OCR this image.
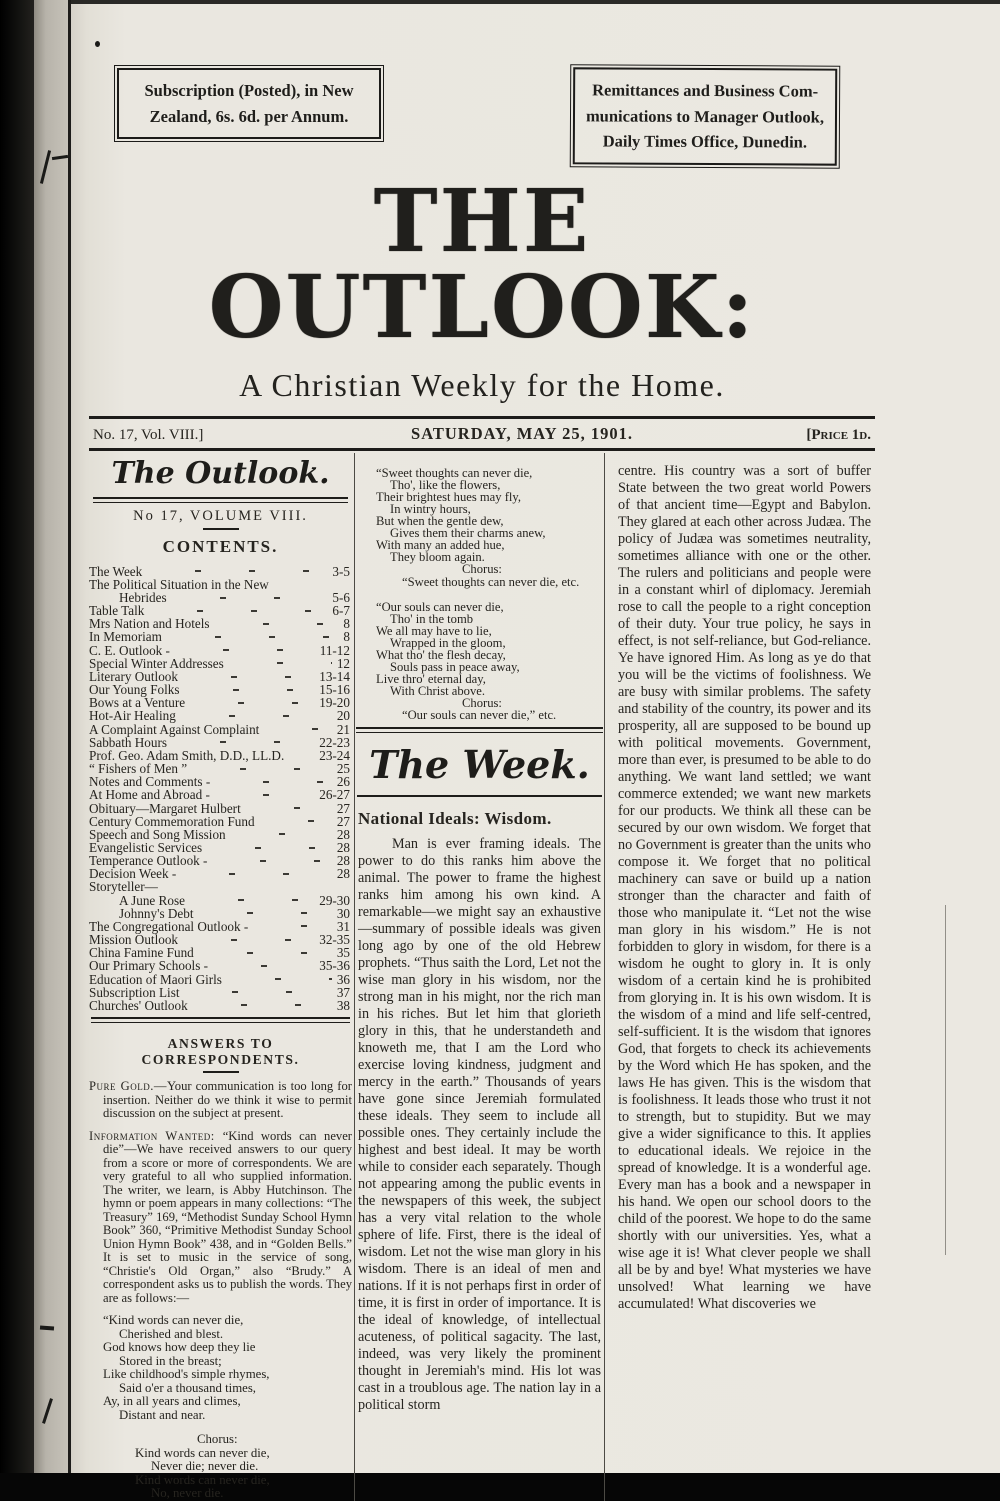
Subscription (Posted), in New
Zealand, 6s. 6d. per Annum.
Remittances and Business Com-
munications to Manager Outlook,
Daily Times Office, Dunedin.
THE OUTLOOK:
A Christian Weekly for the Home.
No. 17, Vol. VIII.]	SATURDAY, MAY 25, 1901.	[Price 1d.
The Outlook.
No 17, VOLUME VIII.
CONTENTS.
The Week	3-5
The Political Situation in the New
Hebrides	5-6
Table Talk	6-7
Mrs Nation and Hotels	8
In Memoriam	8
C. E. Outlook -	11-12
Special Winter Addresses	12
Literary Outlook	13-14
Our Young Folks	15-16
Bows at a Venture	19-20
Hot-Air Healing	20
A Complaint Against Complaint	21
Sabbath Hours	22-23
Prof. Geo. Adam Smith, D.D., LL.D.	23-24
“ Fishers of Men ”	25
Notes and Comments -	26
At Home and Abroad -	26-27
Obituary—Margaret Hulbert	27
Century Commemoration Fund	27
Speech and Song Mission	28
Evangelistic Services	28
Temperance Outlook -	28
Decision Week -	28
Storyteller—
A June Rose	29-30
Johnny's Debt	30
The Congregational Outlook -	31
Mission Outlook	32-35
China Famine Fund	35
Our Primary Schools -	35-36
Education of Maori Girls	36
Subscription List	37
Churches' Outlook	38
ANSWERS TO CORRESPONDENTS.

Pure Gold.—Your communication is too long for insertion. Neither do we think it wise to permit discussion on the subject at present.

Information Wanted: “Kind words can never die”—We have received answers to our query from a score or more of correspondents. We are very grateful to all who supplied information. The writer, we learn, is Abby Hutchinson. The hymn or poem appears in many collections: “The Treasury” 169, “Methodist Sunday School Hymn Book” 360, “Primitive Methodist Sunday School Union Hymn Book” 438, and in “Golden Bells.” It is set to music in the service of song, “Christie's Old Organ,” also “Brudy.” A correspondent asks us to publish the words. They are as follows:—

“Kind words can never die,
Cherished and blest.
God knows how deep they lie
Stored in the breast;
Like childhood's simple rhymes,
Said o'er a thousand times,
Ay, in all years and climes,
Distant and near.
Chorus:
Kind words can never die,
Never die; never die.
Kind words can never die,
No, never die.
“Sweet thoughts can never die,
Tho', like the flowers,
Their brightest hues may fly,
In wintry hours,
But when the gentle dew,
Gives them their charms anew,
With many an added hue,
They bloom again.
Chorus:
“Sweet thoughts can never die, etc.
“Our souls can never die,
Tho' in the tomb
We all may have to lie,
Wrapped in the gloom,
What tho' the flesh decay,
Souls pass in peace away,
Live thro' eternal day,
With Christ above.
Chorus:
“Our souls can never die,” etc.
The Week.
National Ideals: Wisdom.
Man is ever framing ideals. The power to do this ranks him above the animal. The power to frame the highest ranks him among his own kind. A remarkable—we might say an exhaustive—summary of possible ideals was given long ago by one of the old Hebrew prophets. “Thus saith the Lord, Let not the wise man glory in his wisdom, nor the strong man in his might, nor the rich man in his riches. But let him that glorieth glory in this, that he understandeth and knoweth me, that I am the Lord who exercise loving kindness, judgment and mercy in the earth.” Thousands of years have gone since Jeremiah formulated these ideals. They seem to include all possible ones. They certainly include the highest and best ideal. It may be worth while to consider each separately. Though not appearing among the public events in the newspapers of this week, the subject has a very vital relation to the whole sphere of life. First, there is the ideal of wisdom. Let not the wise man glory in his wisdom. There is an ideal of men and nations. If it is not perhaps first in order of time, it is first in order of importance. It is the ideal of knowledge, of intellectual acuteness, of political sagacity. The last, indeed, was very likely the prominent thought in Jeremiah's mind. His lot was cast in a troublous age. The nation lay in a political storm
centre. His country was a sort of buffer State between the two great world Powers of that ancient time—Egypt and Babylon. They glared at each other across Judæa. The policy of Judæa was sometimes neutrality, sometimes alliance with one or the other. The rulers and politicians and people were in a constant whirl of diplomacy. Jeremiah rose to call the people to a right conception of their duty. Your true policy, he says in effect, is not self-reliance, but God-reliance. Ye have ignored Him. As long as ye do that you will be the victims of foolishness. We are busy with similar problems. The safety and stability of the country, its power and its prosperity, all are supposed to be bound up with political movements. Government, more than ever, is presumed to be able to do anything. We want land settled; we want commerce extended; we want new markets for our products. We think all these can be secured by our own wisdom. We forget that no Government is greater than the units who compose it. We forget that no political machinery can save or build up a nation stronger than the character and faith of those who manipulate it. “Let not the wise man glory in his wisdom.” He is not forbidden to glory in wisdom, for there is a wisdom he ought to glory in. It is only wisdom of a certain kind he is prohibited from glorying in. It is his own wisdom. It is the wisdom of a mind and life self-centred, self-sufficient. It is the wisdom that ignores God, that forgets to check its achievements by the Word which He has spoken, and the laws He has given. This is the wisdom that is foolishness. It leads those who trust it not to strength, but to stupidity. But we may give a wider significance to this. It applies to educational ideals. We rejoice in the spread of knowledge. It is a wonderful age. Every man has a book and a newspaper in his hand. We open our school doors to the child of the poorest. We hope to do the same shortly with our universities. Yes, what a wise age it is! What clever people we shall all be by and bye! What mysteries we have unsolved! What learning we have accumulated! What discoveries we
